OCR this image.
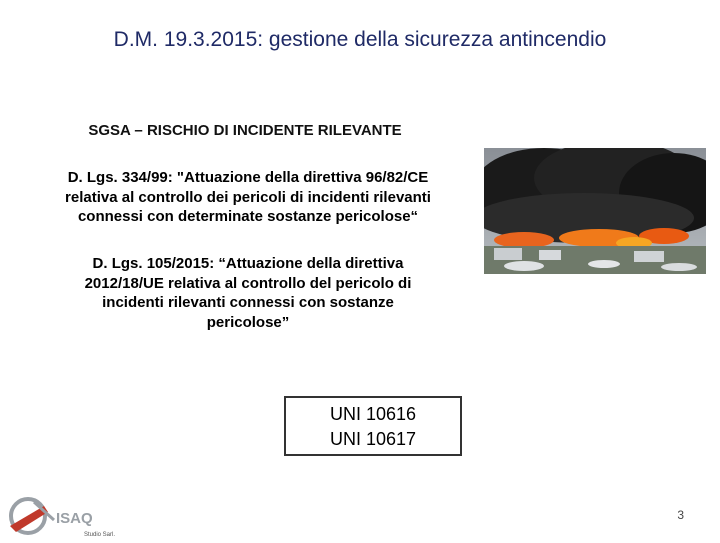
D.M. 19.3.2015: gestione della sicurezza antincendio
SGSA – RISCHIO DI INCIDENTE RILEVANTE
D. Lgs. 334/99: "Attuazione della direttiva 96/82/CE
relativa al controllo dei pericoli di incidenti rilevanti
connessi con determinate sostanze pericolose“
D. Lgs. 105/2015: “Attuazione della direttiva
2012/18/UE relativa al controllo del pericolo di
incidenti rilevanti connessi con sostanze
pericolose”
UNI 10616
UNI 10617
ISAQ
Studio Sarl.
3
